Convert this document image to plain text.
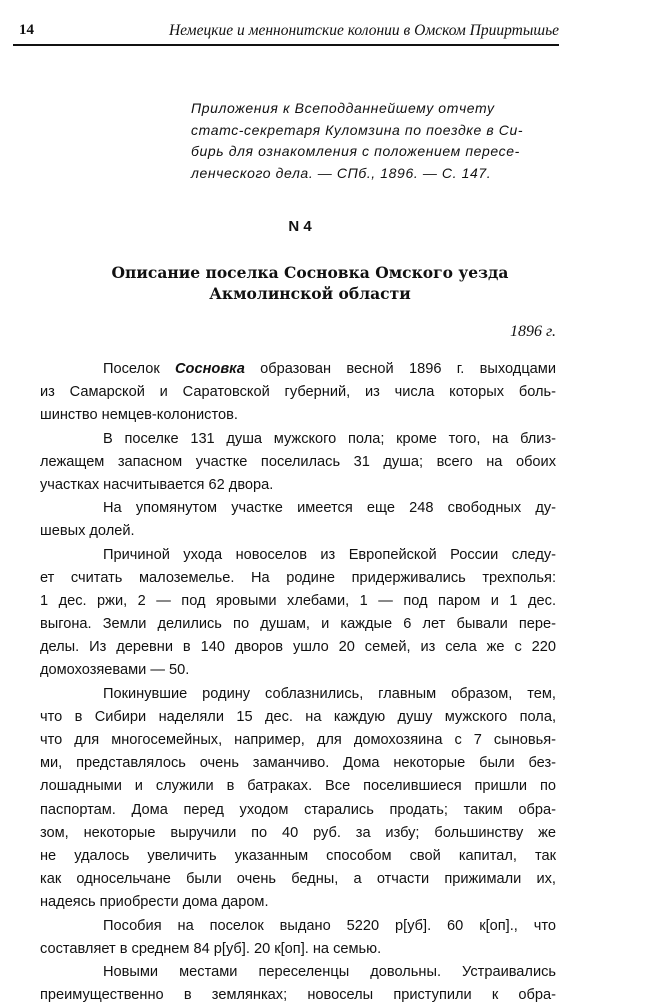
14	Немецкие и меннонитские колонии в Омском Прииртышье
Приложения к Всеподданнейшему отчету
статс-секретаря Куломзина по поездке в Си-
бирь для ознакомления с положением пересе-
ленческого дела. — СПб., 1896. — С. 147.
N 4
Описание поселка Сосновка Омского уезда
Акмолинской области
1896 г.
Поселок Сосновка образован весной 1896 г. выходцами
из Самарской и Саратовской губерний, из числа которых боль-
шинство немцев-колонистов.
В поселке 131 душа мужского пола; кроме того, на близ-
лежащем запасном участке поселилась 31 душа; всего на обоих
участках насчитывается 62 двора.
На упомянутом участке имеется еще 248 свободных ду-
шевых долей.
Причиной ухода новоселов из Европейской России следу-
ет считать малоземелье. На родине придерживались трехполья:
1 дес. ржи, 2 — под яровыми хлебами, 1 — под паром и 1 дес.
выгона. Земли делились по душам, и каждые 6 лет бывали пере-
делы. Из деревни в 140 дворов ушло 20 семей, из села же с 220
домохозяевами — 50.
Покинувшие родину соблазнились, главным образом, тем,
что в Сибири наделяли 15 дес. на каждую душу мужского пола,
что для многосемейных, например, для домохозяина с 7 сыновья-
ми, представлялось очень заманчиво. Дома некоторые были без-
лошадными и служили в батраках. Все поселившиеся пришли по
паспортам. Дома перед уходом старались продать; таким обра-
зом, некоторые выручили по 40 руб. за избу; большинству же
не удалось увеличить указанным способом свой капитал, так
как односельчане были очень бедны, а отчасти прижимали их,
надеясь приобрести дома даром.
Пособия на поселок выдано 5220 р[уб]. 60 к[оп]., что
составляет в среднем 84 р[уб]. 20 к[оп]. на семью.
Новыми местами переселенцы довольны. Устраивались
преимущественно в землянках; новоселы приступили к обра-
